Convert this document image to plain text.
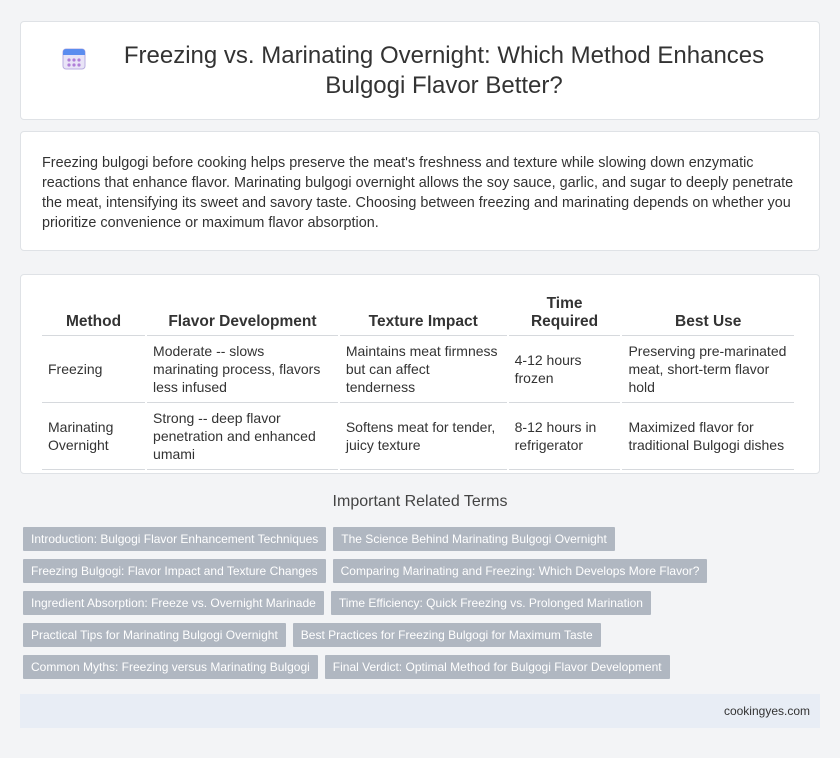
Freezing vs. Marinating Overnight: Which Method Enhances Bulgogi Flavor Better?

Freezing bulgogi before cooking helps preserve the meat's freshness and texture while slowing down enzymatic reactions that enhance flavor. Marinating bulgogi overnight allows the soy sauce, garlic, and sugar to deeply penetrate the meat, intensifying its sweet and savory taste. Choosing between freezing and marinating depends on whether you prioritize convenience or maximum flavor absorption.

Method	Flavor Development	Texture Impact	Time Required	Best Use
Freezing	Moderate -- slows marinating process, flavors less infused	Maintains meat firmness but can affect tenderness	4-12 hours frozen	Preserving pre-marinated meat, short-term flavor hold
Marinating Overnight	Strong -- deep flavor penetration and enhanced umami	Softens meat for tender, juicy texture	8-12 hours in refrigerator	Maximized flavor for traditional Bulgogi dishes
Important Related Terms
Introduction: Bulgogi Flavor Enhancement Techniques	The Science Behind Marinating Bulgogi Overnight
Freezing Bulgogi: Flavor Impact and Texture Changes	Comparing Marinating and Freezing: Which Develops More Flavor?
Ingredient Absorption: Freeze vs. Overnight Marinade	Time Efficiency: Quick Freezing vs. Prolonged Marination
Practical Tips for Marinating Bulgogi Overnight	Best Practices for Freezing Bulgogi for Maximum Taste
Common Myths: Freezing versus Marinating Bulgogi	Final Verdict: Optimal Method for Bulgogi Flavor Development
cookingyes.com
